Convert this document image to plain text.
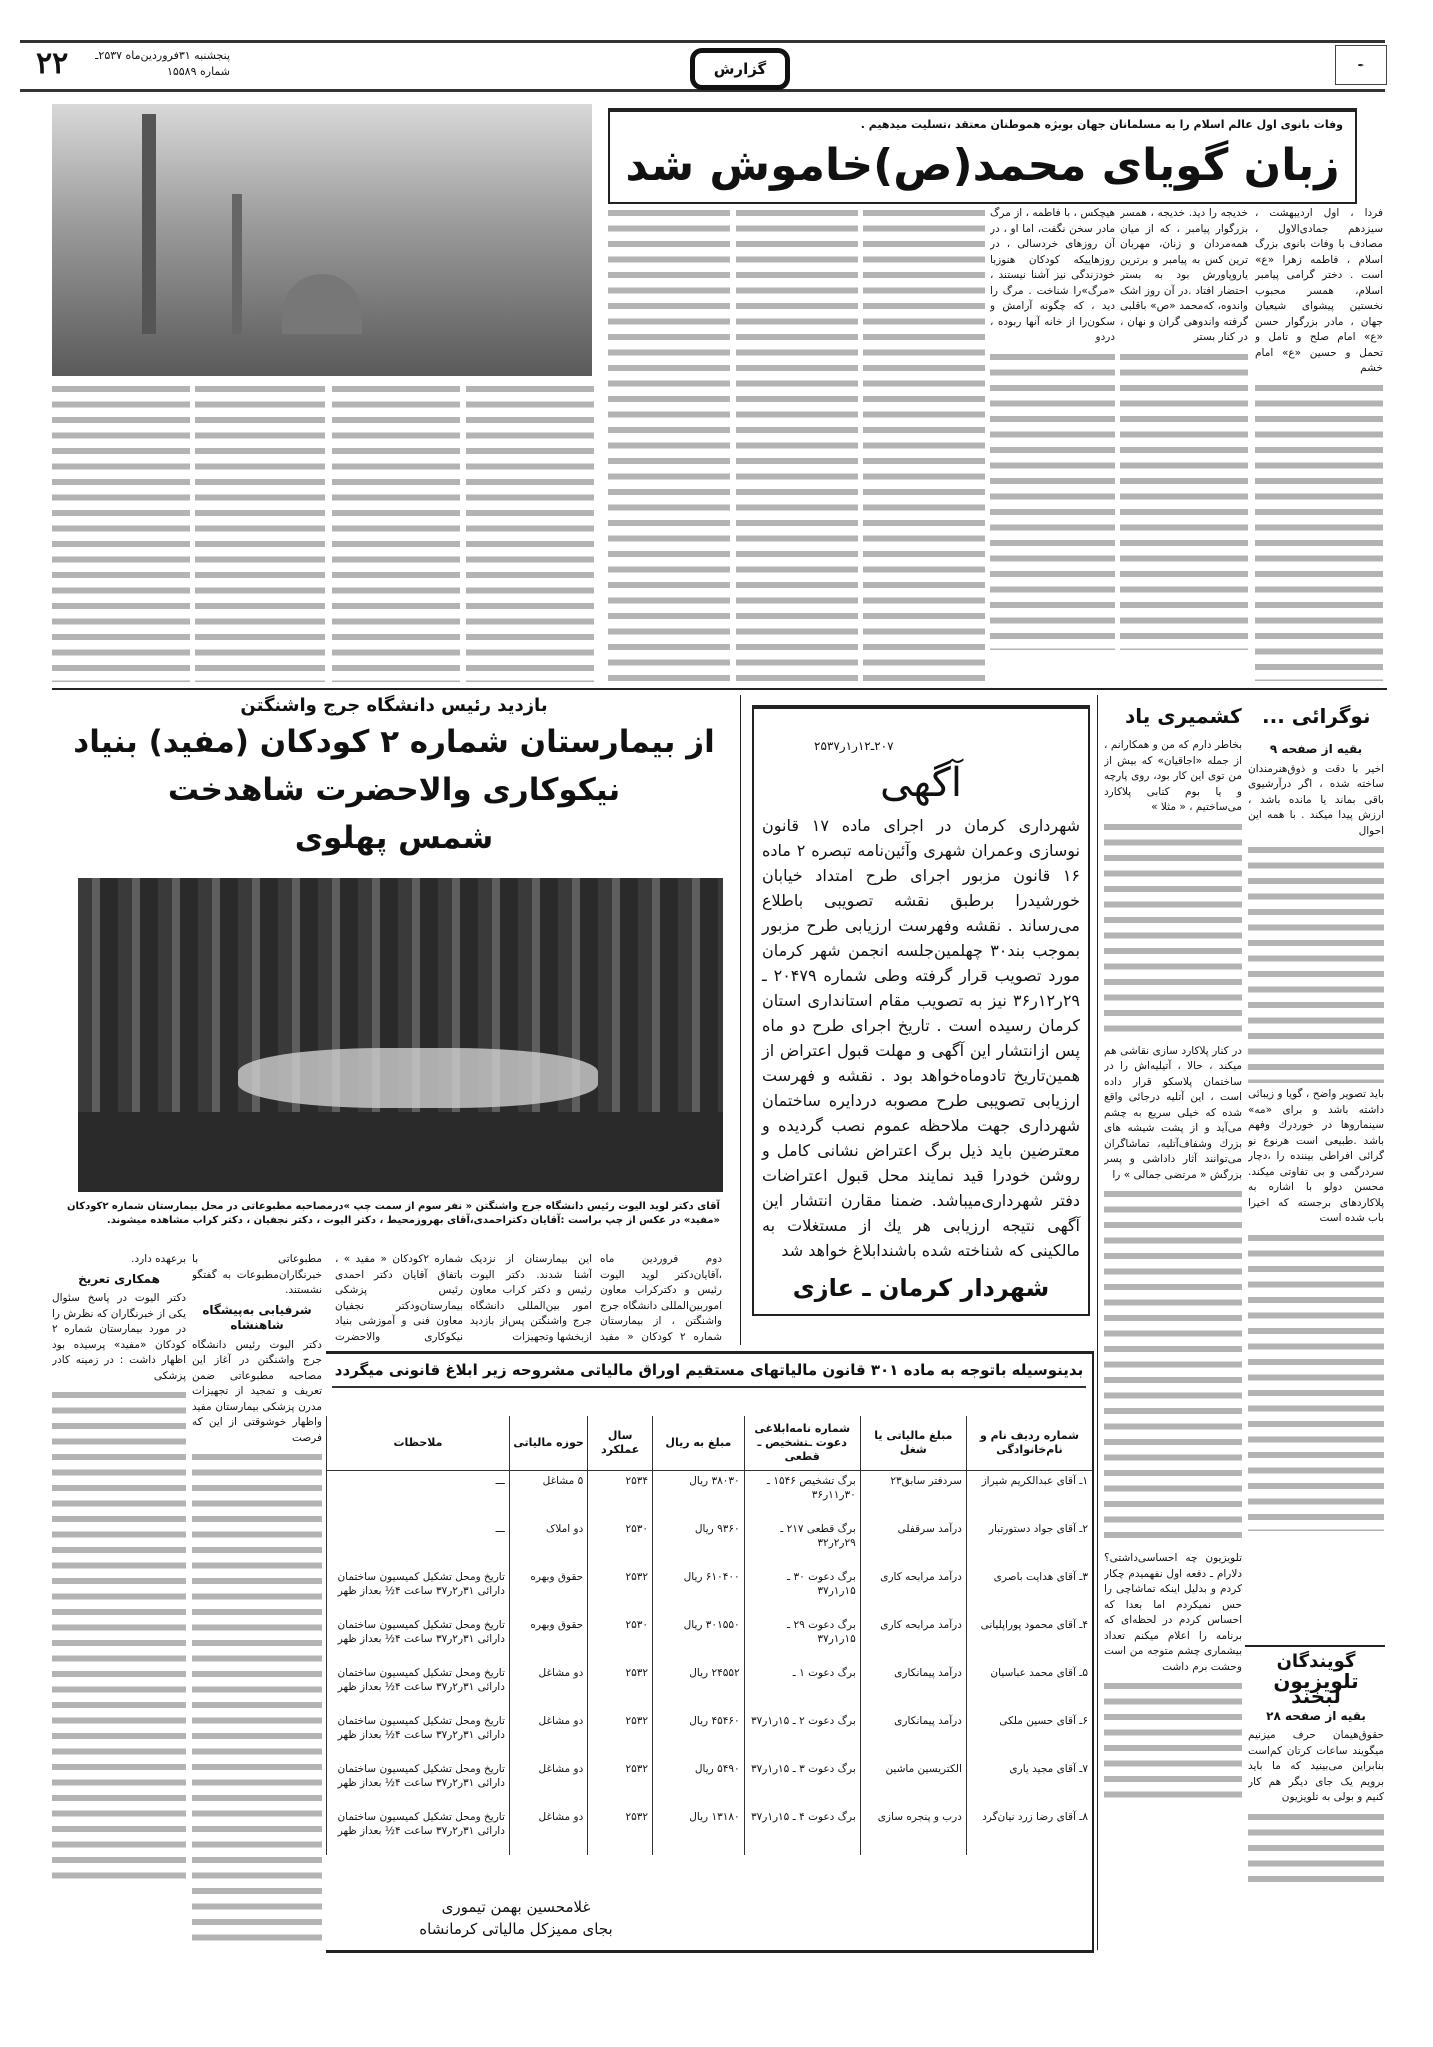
۲۲	پنجشنبه ۳۱فروردین‌ماه ۲۵۳۷ـ شماره ۱۵۵۸۹	گزارش	✒
وفات بانوی اول عالم اسلام را به مسلمانان جهان بویژه هموطنان معتقد ،تسلیت میدهیم .
زبان گویای محمد(ص)خاموش شد
فردا ، اول اردیبهشت ، سیزدهم جمادی‌الاول ، مصادف با وفات بانوی بزرگ اسلام ، فاطمه زهرا «ع» است . دختر گرامی پیامبر اسلام، همسر محبوب نخستین پیشوای شیعیان جهان ، مادر بزرگوار حسن «ع» امام صلح و تامل و تحمل و حسین «ع» امام خشم
خدیجه را دید. خدیجه ، همسر بزرگوار پیامبر ، که از میان همه‌مردان و زنان، مهربان ترین کس به پیامبر و برترین یاروپاورش بود به بستر احتضار افتاد .در آن روز اشک واندوه، که‌محمد «ص» باقلبی گرفته واندوهی گران و نهان ، در کنار بستر
هیچکس ، با فاطمه ، از مرگ مادر سخن نگفت، اما او ، در آن روزهای خردسالی ، در روزهاییکه کودکان هنوزبا خودزندگی نیز آشنا نیستند ، «مرگ»را شناخت . مرگ را دید ، که چگونه آرامش و سکون‌را از خانه آنها ربوده ، دردو
بازدید رئیس دانشگاه جرج واشنگتن
از بیمارستان شماره ۲ کودکان (مفید) بنیاد
نیکوکاری والاحضرت شاهدخت
شمس پهلوی
آقای دکتر لوید الیوت رئیس دانشگاه جرج واشنگتن « نفر سوم از سمت چپ »درمصاحبه مطبوعاتی در محل بیمارستان شماره ۲کودکان «مفید» در عکس از چپ براست :آقایان دکتراحمدی،آقای بهروزمحیط ، دکتر الیوت ، دکتر نجفیان ، دکتر کراب مشاهده میشوند.
دوم فروردین ماه ،آقایان‌دکتر لوید الیوت رئیس و دکترکراب معاون اموربین‌المللی دانشگاه جرج واشنگتن ، از بیمارستان شماره ۲ کودکان « مفید
این بیمارستان از نزدیک آشنا شدند. دکتر الیوت رئیس و دکتر کراب معاون امور بین‌المللی دانشگاه جرج واشنگتن پس‌از بازدید ازبخشها وتجهیزات
شماره ۲کودکان « مفید » ، باتفاق آقایان دکتر احمدی رئیس پزشکی بیمارستان‌ودکتر نجفیان معاون فنی و آموزشی بنیاد نیکوکاری والاحضرت
مطبوعاتی با خبرنگاران‌مطبوعات به گفتگو نشستند.
شرفیابی به‌پیشگاه شاهنشاه
دکتر الیوت رئیس دانشگاه جرج واشنگتن در آغاز این مصاحبه مطبوعاتی ضمن تعریف و تمجید از تجهیزات مدرن پزشکی بیمارستان مفید واظهار خوشوقتی از این که فرصت
برعهده دارد.
همکاری تعریخ
دکتر الیوت در پاسخ سئوال یکی از خبرنگاران که نظرش را در مورد بیمارستان شماره ۲ کودکان «مفید» پرسیده بود اظهار داشت : در زمینه کادر پزشکی
۲۰۷ـ۱۲ر۱ر۲۵۳۷
آگهی
شهرداری کرمان در اجرای ماده ۱۷ قانون نوسازی وعمران شهری وآئین‌نامه تبصره ۲ ماده ۱۶ قانون مزبور اجرای طرح امتداد خیابان خورشیدرا برطبق نقشه تصویبی باطلاع می‌رساند . نقشه وفهرست ارزیابی طرح مزبور بموجب بند۳۰ چهلمین‌جلسه انجمن شهر کرمان مورد تصویب قرار گرفته وطی شماره ۲۰۴۷۹ ـ ۲۹ر۱۲ر۳۶ نیز به تصویب مقام استانداری استان کرمان رسیده است . تاریخ اجرای طرح دو ماه پس ازانتشار این آگهی و مهلت قبول اعتراض از همین‌تاریخ تادوماه‌خواهد بود . نقشه و فهرست ارزیابی تصویبی طرح مصوبه دردایره ساختمان شهرداری جهت ملاحظه عموم نصب گردیده و معترضین باید ذیل برگ اعتراض نشانی کامل و روشن خودرا قید نمایند محل قبول اعتراضات دفتر شهرداری‌میباشد. ضمنا مقارن انتشار این آگهی نتیجه ارزیابی هر یك از مستغلات به مالکینی که شناخته شده باشندابلاغ خواهد شد
شهردار کرمان ـ عازی
بدینوسیله باتوجه به ماده ۳۰۱ قانون مالیاتهای مستقیم اوراق مالیاتی مشروحه زیر ابلاغ قانونی میگردد
شماره ردیف نام و نام‌خانوادگی	مبلغ مالیاتی یا شغل	شماره نامه‌ابلاغی دعوت ـتشخیص ـ قطعی	مبلغ به ریال	سال عملکرد	حوزه مالیاتی	ملاحظات
۱ـ آقای عبدالکریم شیراز	سردفتر سابق۲۳	برگ تشخیص ۱۵۴۶ ـ ۳۰ر۱۱ر۳۶	۳۸۰۳۰ ریال	۲۵۳۴	۵ مشاغل	ـــ
۲ـ آقای جواد دستورتبار	درآمد سرقفلی	برگ قطعی ۲۱۷ ـ ۲۹ر۲ر۳۲	۹۳۶۰ ریال	۲۵۳۰	دو املاک	ـــ
۳ـ آقای هدایت باصری	درآمد مرابحه کاری	برگ دعوت ۳۰ ـ ۱۵ر۱ر۳۷	۶۱۰۴۰۰ ریال	۲۵۳۲	حقوق وبهره	تاریخ ومحل تشکیل کمیسیون ساختمان دارائی ۳۱ر۲ر۳۷ ساعت ۴½ بعداز ظهر
۴ـ آقای محمود پوراپلیانی	درآمد مرابحه کاری	برگ دعوت ۲۹ ـ ۱۵ر۱ر۳۷	۳۰۱۵۵۰ ریال	۲۵۳۰	حقوق وبهره	تاریخ ومحل تشکیل کمیسیون ساختمان دارائی ۳۱ر۲ر۳۷ ساعت ۴½ بعداز ظهر
۵ـ آقای محمد عباسیان	درآمد پیمانکاری	برگ دعوت ۱ ـ	۲۴۵۵۲ ریال	۲۵۳۲	دو مشاغل	تاریخ ومحل تشکیل کمیسیون ساختمان دارائی ۳۱ر۲ر۳۷ ساعت ۴½ بعداز ظهر
۶ـ آقای حسین ملکی	درآمد پیمانکاری	برگ دعوت ۲ ـ ۱۵ر۱ر۳۷	۴۵۴۶۰ ریال	۲۵۳۲	دو مشاغل	تاریخ ومحل تشکیل کمیسیون ساختمان دارائی ۳۱ر۲ر۳۷ ساعت ۴½ بعداز ظهر
۷ـ آقای مجید یاری	الکتریسین ماشین	برگ دعوت ۳ ـ ۱۵ر۱ر۳۷	۵۴۹۰ ریال	۲۵۳۲	دو مشاغل	تاریخ ومحل تشکیل کمیسیون ساختمان دارائی ۳۱ر۲ر۳۷ ساعت ۴½ بعداز ظهر
۸ـ آقای رضا زرد نیان‌گرد	درب و پنجره سازی	برگ دعوت ۴ ـ ۱۵ر۱ر۳۷	۱۳۱۸۰ ریال	۲۵۳۲	دو مشاغل	تاریخ ومحل تشکیل کمیسیون ساختمان دارائی ۳۱ر۲ر۳۷ ساعت ۴½ بعداز ظهر
غلامحسین بهمن تیموری
بجای ممیزکل مالیاتی کرمانشاه
نوگرائی ...
کشمیری یاد
بقیه از صفحه ۹
اخیر با دقت و ذوق‌هنرمندان ساخته شده ، اگر درآرشیوی باقی بماند یا مانده باشد ، ارزش پیدا میکند . با همه این احوال
باید تصویر واضح ، گویا و زیبائی داشته باشد و برای «مه» سینماروها در خوردرك وفهم باشد .طبیعی است هرنوع نو گرائی افراطی بیننده را ،دچار سردرگمی و بی تفاوتی میکند. محسن دولو با اشاره به پلاکاردهای برجسته که اخیرا باب شده است
بخاطر دارم که من و همکارانم ، از جمله «اجاقیان» که بیش از من توی این کار بود، روی پارچه و یا بوم کتابی پلاکارد می‌ساختیم ، « مثلا »
در کنار پلاکارد سازی نقاشی هم میکند ، حالا ، آتیلیه‌اش را در ساختمان پلاسکو قرار داده است ، این آتلیه درجائی واقع شده که خیلی سریع به چشم می‌آید و از پشت شیشه های بزرك وشفاف‌آتلیه، تماشاگران می‌توانند آثار داداشی و پسر بزرگش « مرتضی جمالی » را
تلویزیون چه احساسی‌داشتی؟ دلارام ـ دفعه اول نفهمیدم چکار کردم و بدلیل اینکه تماشاچی را حس نمیکردم اما بعدا که احساس کردم در لحظه‌ای که برنامه را اعلام میکنم تعداد بیشماری چشم متوجه من است وحشت برم داشت	گویندگان
تلویزیون لبخند
بقیه از صفحه ۲۸
حقوق‌هیمان حرف میزنیم میگویند ساعات کرتان کم‌است بنابراین می‌بینید که ما باید برویم یک جای دیگر هم کار کنیم و بولی به تلویزیون
